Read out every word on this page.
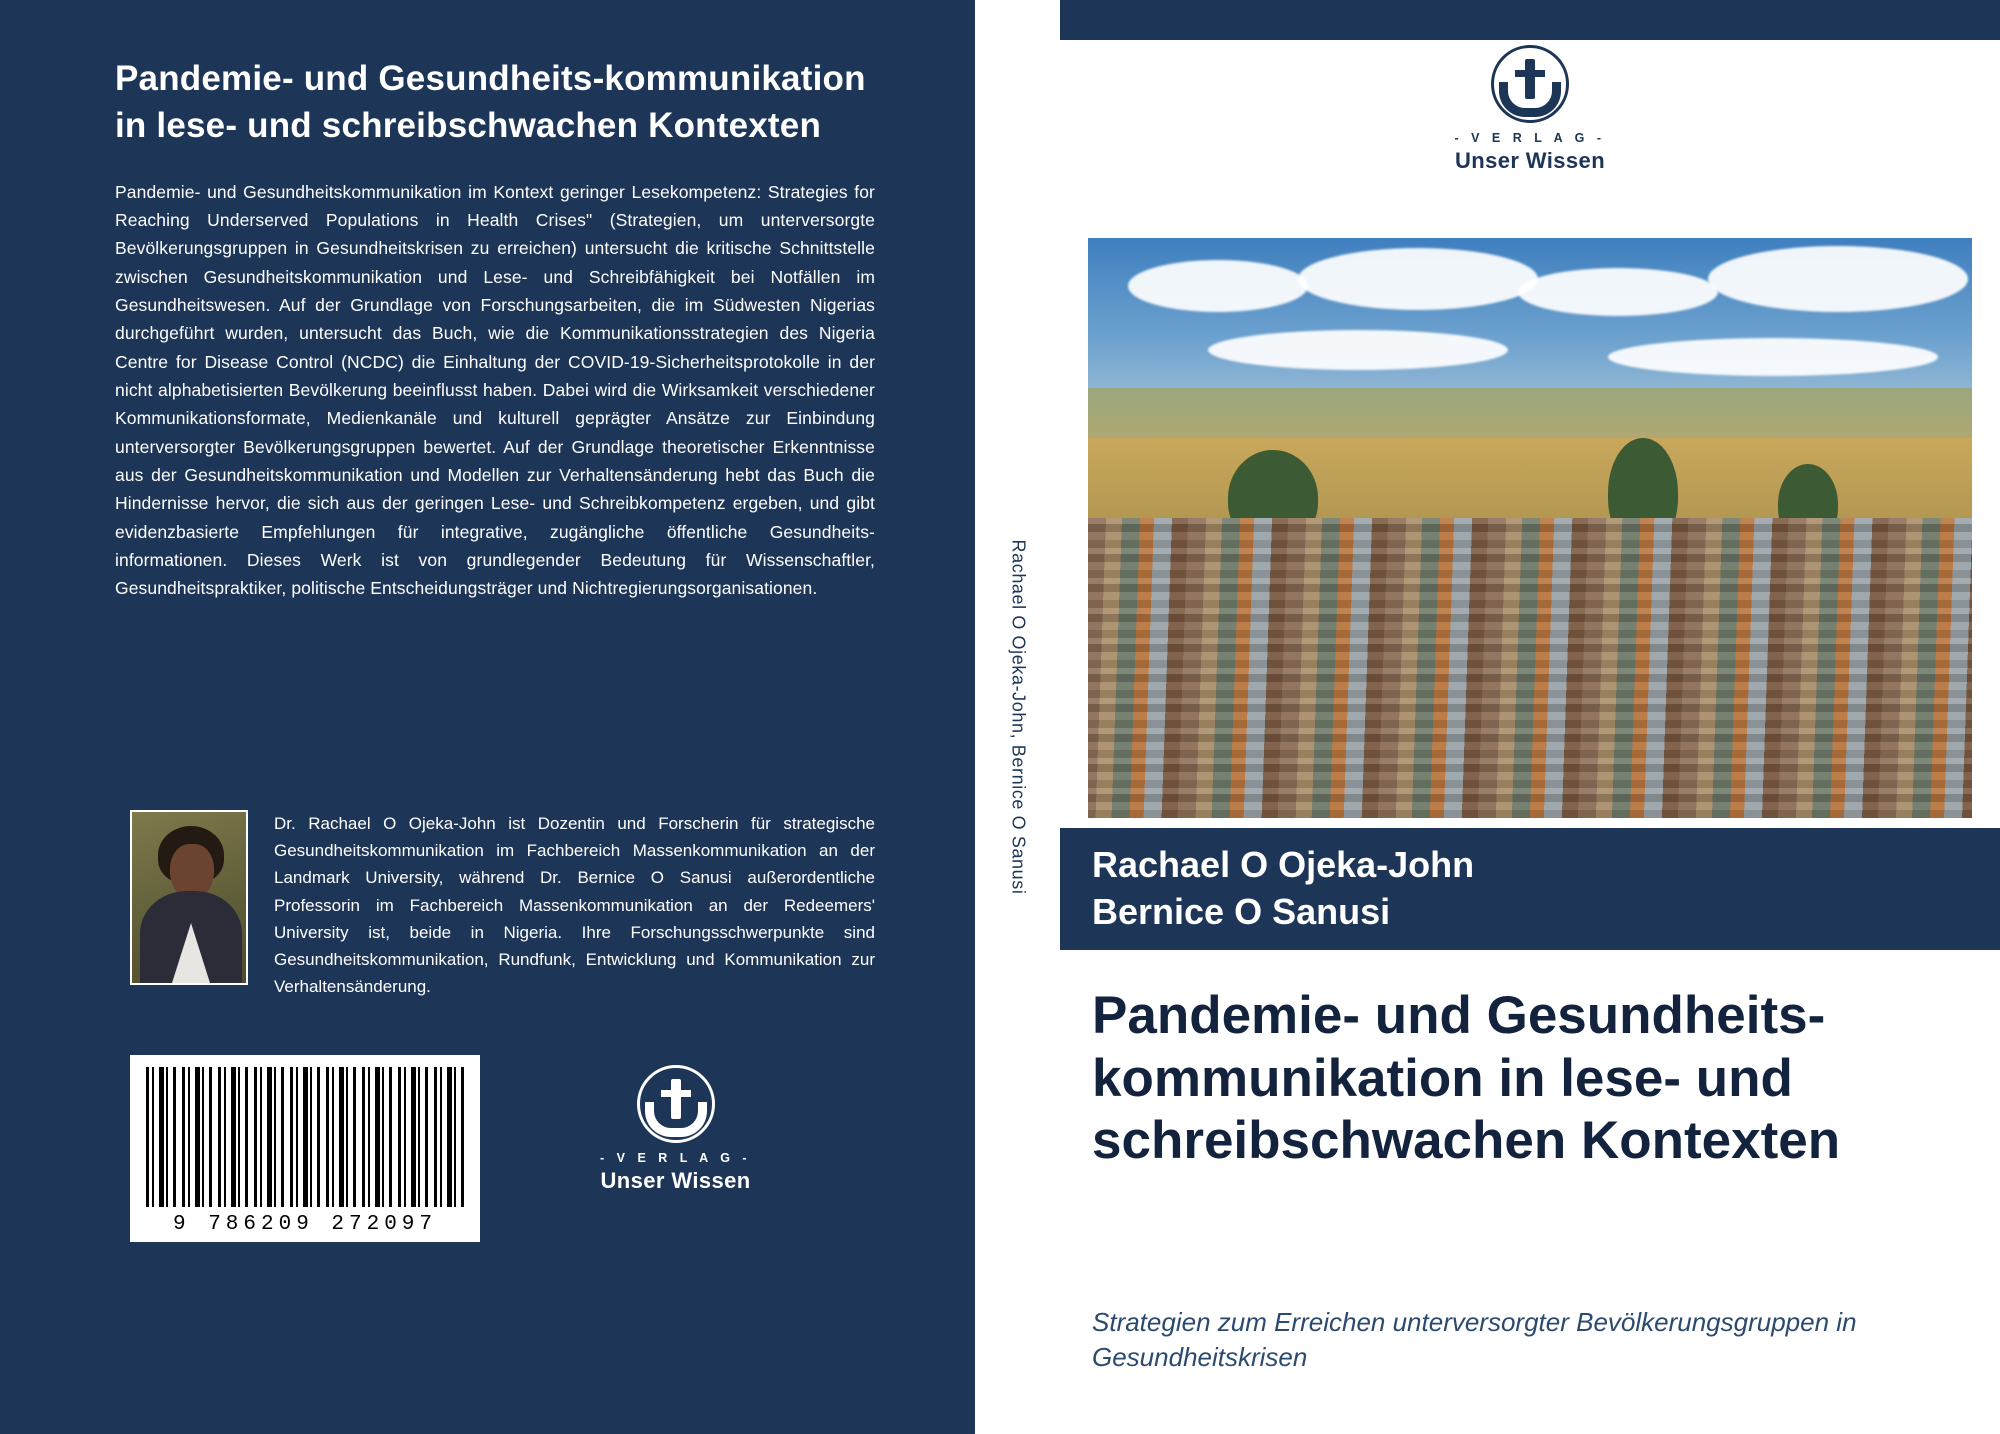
Pandemie- und Gesundheits-kommunikation in lese- und schreibschwachen Kontexten
Pandemie- und Gesundheitskommunikation im Kontext geringer Lesekompetenz: Strategies for Reaching Underserved Populations in Health Crises" (Strategien, um unterversorgte Bevölkerungsgruppen in Gesundheitskrisen zu erreichen) untersucht die kritische Schnittstelle zwischen Gesundheitskommunikation und Lese- und Schreibfähigkeit bei Notfällen im Gesundheitswesen. Auf der Grundlage von Forschungsarbeiten, die im Südwesten Nigerias durchgeführt wurden, untersucht das Buch, wie die Kommunikationsstrategien des Nigeria Centre for Disease Control (NCDC) die Einhaltung der COVID-19-Sicherheitsprotokolle in der nicht alphabetisierten Bevölkerung beeinflusst haben. Dabei wird die Wirksamkeit verschiedener Kommunikationsformate, Medienkanäle und kulturell geprägter Ansätze zur Einbindung unterversorgter Bevölkerungsgruppen bewertet. Auf der Grundlage theoretischer Erkenntnisse aus der Gesundheitskommunikation und Modellen zur Verhaltensänderung hebt das Buch die Hindernisse hervor, die sich aus der geringen Lese- und Schreibkompetenz ergeben, und gibt evidenzbasierte Empfehlungen für integrative, zugängliche öffentliche Gesundheits-informationen. Dieses Werk ist von grundlegender Bedeutung für Wissenschaftler, Gesundheitspraktiker, politische Entscheidungsträger und Nichtregierungsorganisationen.
Dr. Rachael O Ojeka-John ist Dozentin und Forscherin für strategische Gesundheitskommunikation im Fachbereich Massenkommunikation an der Landmark University, während Dr. Bernice O Sanusi außerordentliche Professorin im Fachbereich Massenkommunikation an der Redeemers' University ist, beide in Nigeria. Ihre Forschungsschwerpunkte sind Gesundheitskommunikation, Rundfunk, Entwicklung und Kommunikation zur Verhaltensänderung.
9 786209 272097
- V E R L A G -
Unser Wissen
Rachael O Ojeka-John, Bernice O Sanusi
- V E R L A G -
Unser Wissen
Rachael O Ojeka-John
Bernice O Sanusi
Pandemie- und Gesundheits-kommunikation in lese- und schreibschwachen Kontexten
Strategien zum Erreichen unterversorgter Bevölkerungsgruppen in Gesundheitskrisen
